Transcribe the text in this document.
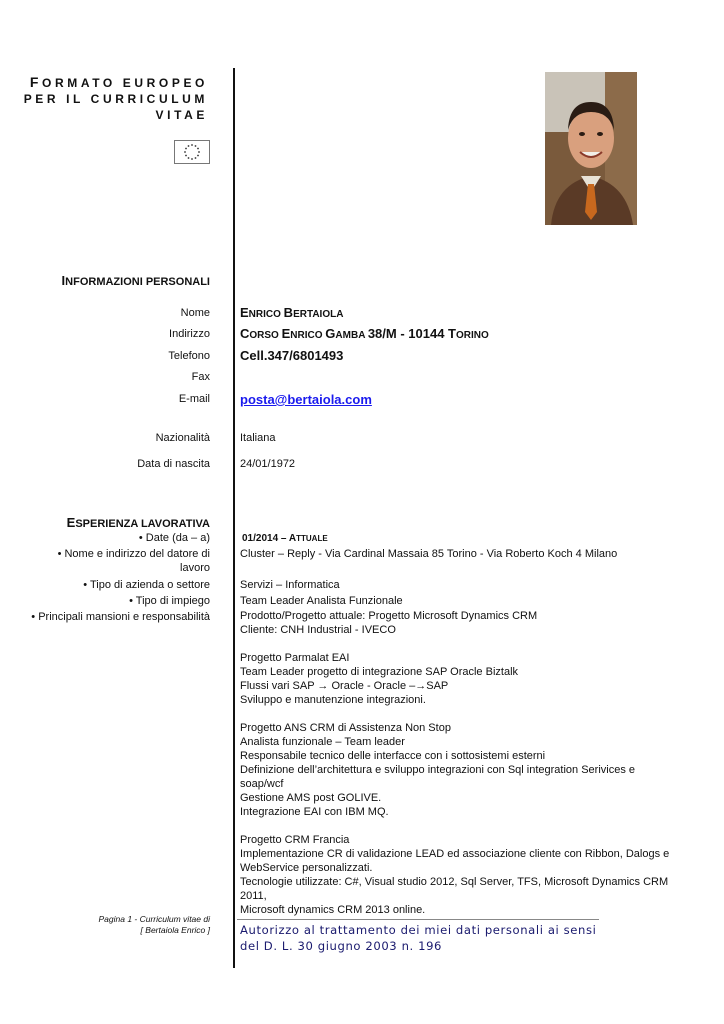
FORMATO EUROPEO
PER IL CURRICULUM
VITAE
INFORMAZIONI PERSONALI
Nome ENRICO BERTAIOLA
Indirizzo CORSO ENRICO GAMBA 38/M - 10144 TORINO
Telefono Cell.347/6801493
Fax
E-mail posta@bertaiola.com
Nazionalità	Italiana
Data di nascita	24/01/1972
ESPERIENZA LAVORATIVA
• Date (da – a)	01/2014 – ATTUALE
• Nome e indirizzo del datore di
lavoro
Cluster – Reply - Via Cardinal Massaia 85 Torino - Via Roberto Koch 4 Milano
• Tipo di azienda o settore	Servizi – Informatica
• Tipo di impiego	Team Leader Analista Funzionale
• Principali mansioni e responsabilità	Prodotto/Progetto attuale: Progetto Microsoft Dynamics CRM
Cliente: CNH Industrial - IVECO
Progetto Parmalat EAI
Team Leader progetto di integrazione SAP Oracle Biztalk
Flussi vari SAP → Oracle - Oracle –→SAP
Sviluppo e manutenzione integrazioni.
Progetto ANS CRM di Assistenza Non Stop
Analista funzionale – Team leader
Responsabile tecnico delle interfacce con i sottosistemi esterni
Definizione dell’architettura e sviluppo integrazioni con Sql integration Serivices e soap/wcf
Gestione AMS post GOLIVE.
Integrazione EAI con IBM MQ.
Progetto CRM Francia
Implementazione CR di validazione LEAD ed associazione cliente con Ribbon, Dalogs e
WebService personalizzati.
Tecnologie utilizzate: C#, Visual studio 2012, Sql Server, TFS, Microsoft Dynamics CRM 2011,
Microsoft dynamics CRM 2013 online.
Pagina 1 - Curriculum vitae di
[ Bertaiola Enrico ]	Autorizzo al trattamento dei miei dati personali ai sensi
del D. L. 30 giugno 2003 n. 196
